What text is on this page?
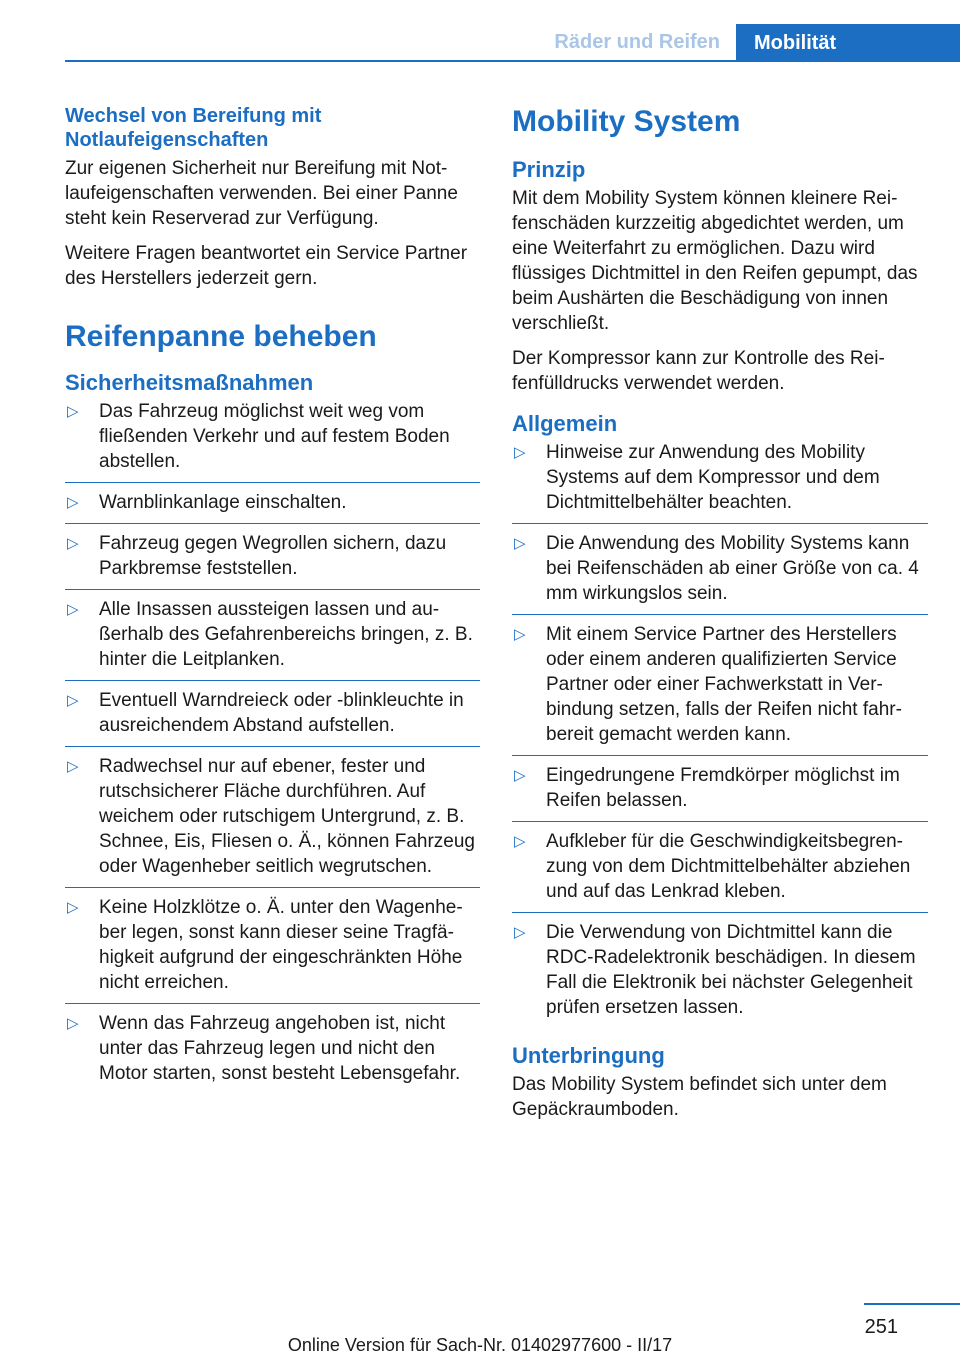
Räder und Reifen	Mobilität
Wechsel von Bereifung mit Notlaufeigenschaften

Zur eigenen Sicherheit nur Bereifung mit Notlaufeigenschaften verwenden. Bei einer Panne steht kein Reserverad zur Verfügung.

Weitere Fragen beantwortet ein Service Partner des Herstellers jederzeit gern.

Reifenpanne beheben
Sicherheitsmaßnahmen
▷ Das Fahrzeug möglichst weit weg vom fließenden Verkehr und auf festem Boden abstellen.
▷ Warnblinkanlage einschalten.
▷ Fahrzeug gegen Wegrollen sichern, dazu Parkbremse feststellen.
▷ Alle Insassen aussteigen lassen und außerhalb des Gefahrenbereichs bringen, z. B. hinter die Leitplanken.
▷ Eventuell Warndreieck oder -blinkleuchte in ausreichendem Abstand aufstellen.
▷ Radwechsel nur auf ebener, fester und rutschsicherer Fläche durchführen. Auf weichem oder rutschigem Untergrund, z. B. Schnee, Eis, Fliesen o. Ä., können Fahrzeug oder Wagenheber seitlich wegrutschen.
▷ Keine Holzklötze o. Ä. unter den Wagenheber legen, sonst kann dieser seine Tragfähigkeit aufgrund der eingeschränkten Höhe nicht erreichen.
▷ Wenn das Fahrzeug angehoben ist, nicht unter das Fahrzeug legen und nicht den Motor starten, sonst besteht Lebensgefahr.
Mobility System
Prinzip

Mit dem Mobility System können kleinere Reifenschäden kurzzeitig abgedichtet werden, um eine Weiterfahrt zu ermöglichen. Dazu wird flüssiges Dichtmittel in den Reifen gepumpt, das beim Aushärten die Beschädigung von innen verschließt.

Der Kompressor kann zur Kontrolle des Reifenfülldrucks verwendet werden.

Allgemein
▷ Hinweise zur Anwendung des Mobility Systems auf dem Kompressor und dem Dichtmittelbehälter beachten.
▷ Die Anwendung des Mobility Systems kann bei Reifenschäden ab einer Größe von ca. 4 mm wirkungslos sein.
▷ Mit einem Service Partner des Herstellers oder einem anderen qualifizierten Service Partner oder einer Fachwerkstatt in Verbindung setzen, falls der Reifen nicht fahrbereit gemacht werden kann.
▷ Eingedrungene Fremdkörper möglichst im Reifen belassen.
▷ Aufkleber für die Geschwindigkeitsbegrenzung von dem Dichtmittelbehälter abziehen und auf das Lenkrad kleben.
▷ Die Verwendung von Dichtmittel kann die RDC-Radelektronik beschädigen. In diesem Fall die Elektronik bei nächster Gelegenheit prüfen ersetzen lassen.
Unterbringung

Das Mobility System befindet sich unter dem Gepäckraumboden.

251
Online Version für Sach-Nr. 01402977600 - II/17
